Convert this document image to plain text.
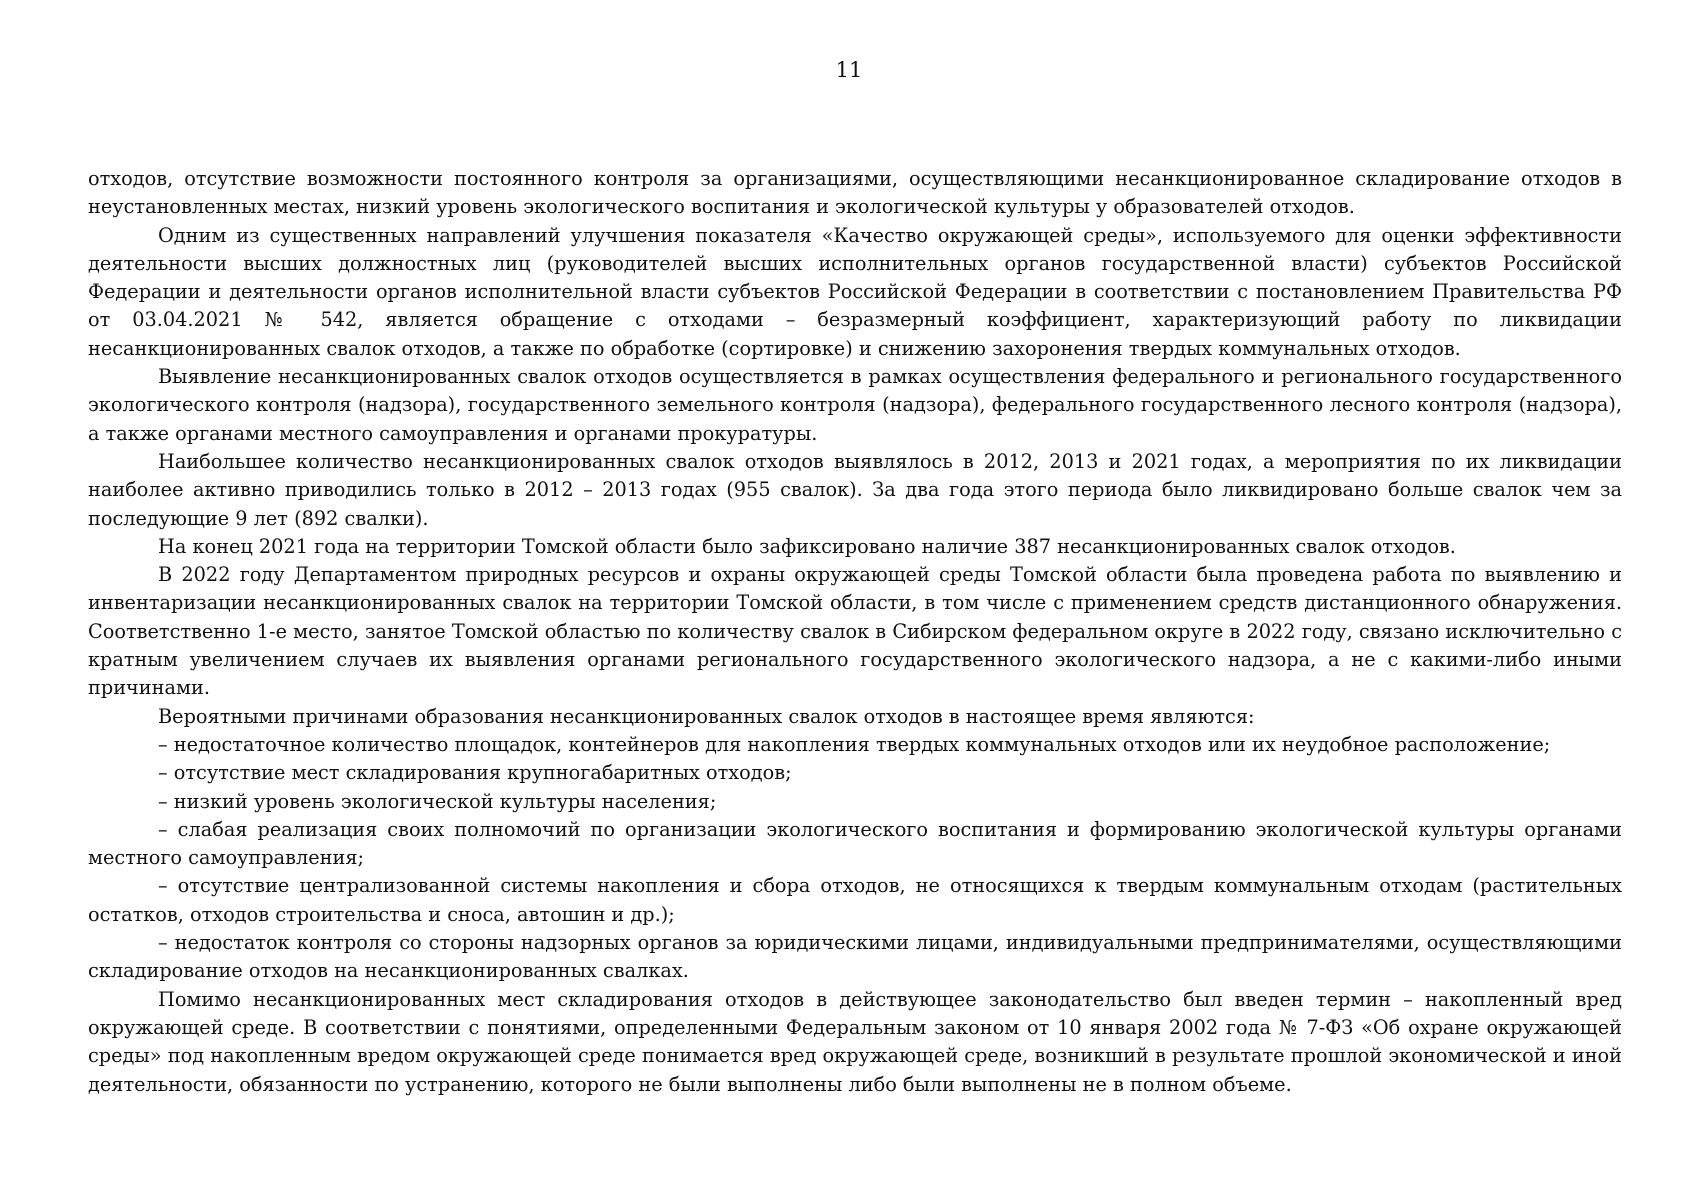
11

отходов, отсутствие возможности постоянного контроля за организациями, осуществляющими несанкционированное складирование отходов в неустановленных местах, низкий уровень экологического воспитания и экологической культуры у образователей отходов.

Одним из существенных направлений улучшения показателя «Качество окружающей среды», используемого для оценки эффективности деятельности высших должностных лиц (руководителей высших исполнительных органов государственной власти) субъектов Российской Федерации и деятельности органов исполнительной власти субъектов Российской Федерации в соответствии с постановлением Правительства РФ от 03.04.2021 № 542, является обращение с отходами – безразмерный коэффициент, характеризующий работу по ликвидации несанкционированных свалок отходов, а также по обработке (сортировке) и снижению захоронения твердых коммунальных отходов.

Выявление несанкционированных свалок отходов осуществляется в рамках осуществления федерального и регионального государственного экологического контроля (надзора), государственного земельного контроля (надзора), федерального государственного лесного контроля (надзора), а также органами местного самоуправления и органами прокуратуры.

Наибольшее количество несанкционированных свалок отходов выявлялось в 2012, 2013 и 2021 годах, а мероприятия по их ликвидации наиболее активно приводились только в 2012 – 2013 годах (955 свалок). За два года этого периода было ликвидировано больше свалок чем за последующие 9 лет (892 свалки).

На конец 2021 года на территории Томской области было зафиксировано наличие 387 несанкционированных свалок отходов.

В 2022 году Департаментом природных ресурсов и охраны окружающей среды Томской области была проведена работа по выявлению и инвентаризации несанкционированных свалок на территории Томской области, в том числе с применением средств дистанционного обнаружения. Соответственно 1-е место, занятое Томской областью по количеству свалок в Сибирском федеральном округе в 2022 году, связано исключительно с кратным увеличением случаев их выявления органами регионального государственного экологического надзора, а не с какими-либо иными причинами.

Вероятными причинами образования несанкционированных свалок отходов в настоящее время являются:

– недостаточное количество площадок, контейнеров для накопления твердых коммунальных отходов или их неудобное расположение;

– отсутствие мест складирования крупногабаритных отходов;

– низкий уровень экологической культуры населения;

– слабая реализация своих полномочий по организации экологического воспитания и формированию экологической культуры органами местного самоуправления;

– отсутствие централизованной системы накопления и сбора отходов, не относящихся к твердым коммунальным отходам (растительных остатков, отходов строительства и сноса, автошин и др.);

– недостаток контроля со стороны надзорных органов за юридическими лицами, индивидуальными предпринимателями, осуществляющими складирование отходов на несанкционированных свалках.

Помимо несанкционированных мест складирования отходов в действующее законодательство был введен термин – накопленный вред окружающей среде. В соответствии с понятиями, определенными Федеральным законом от 10 января 2002 года № 7-ФЗ «Об охране окружающей среды» под накопленным вредом окружающей среде понимается вред окружающей среде, возникший в результате прошлой экономической и иной деятельности, обязанности по устранению, которого не были выполнены либо были выполнены не в полном объеме.
